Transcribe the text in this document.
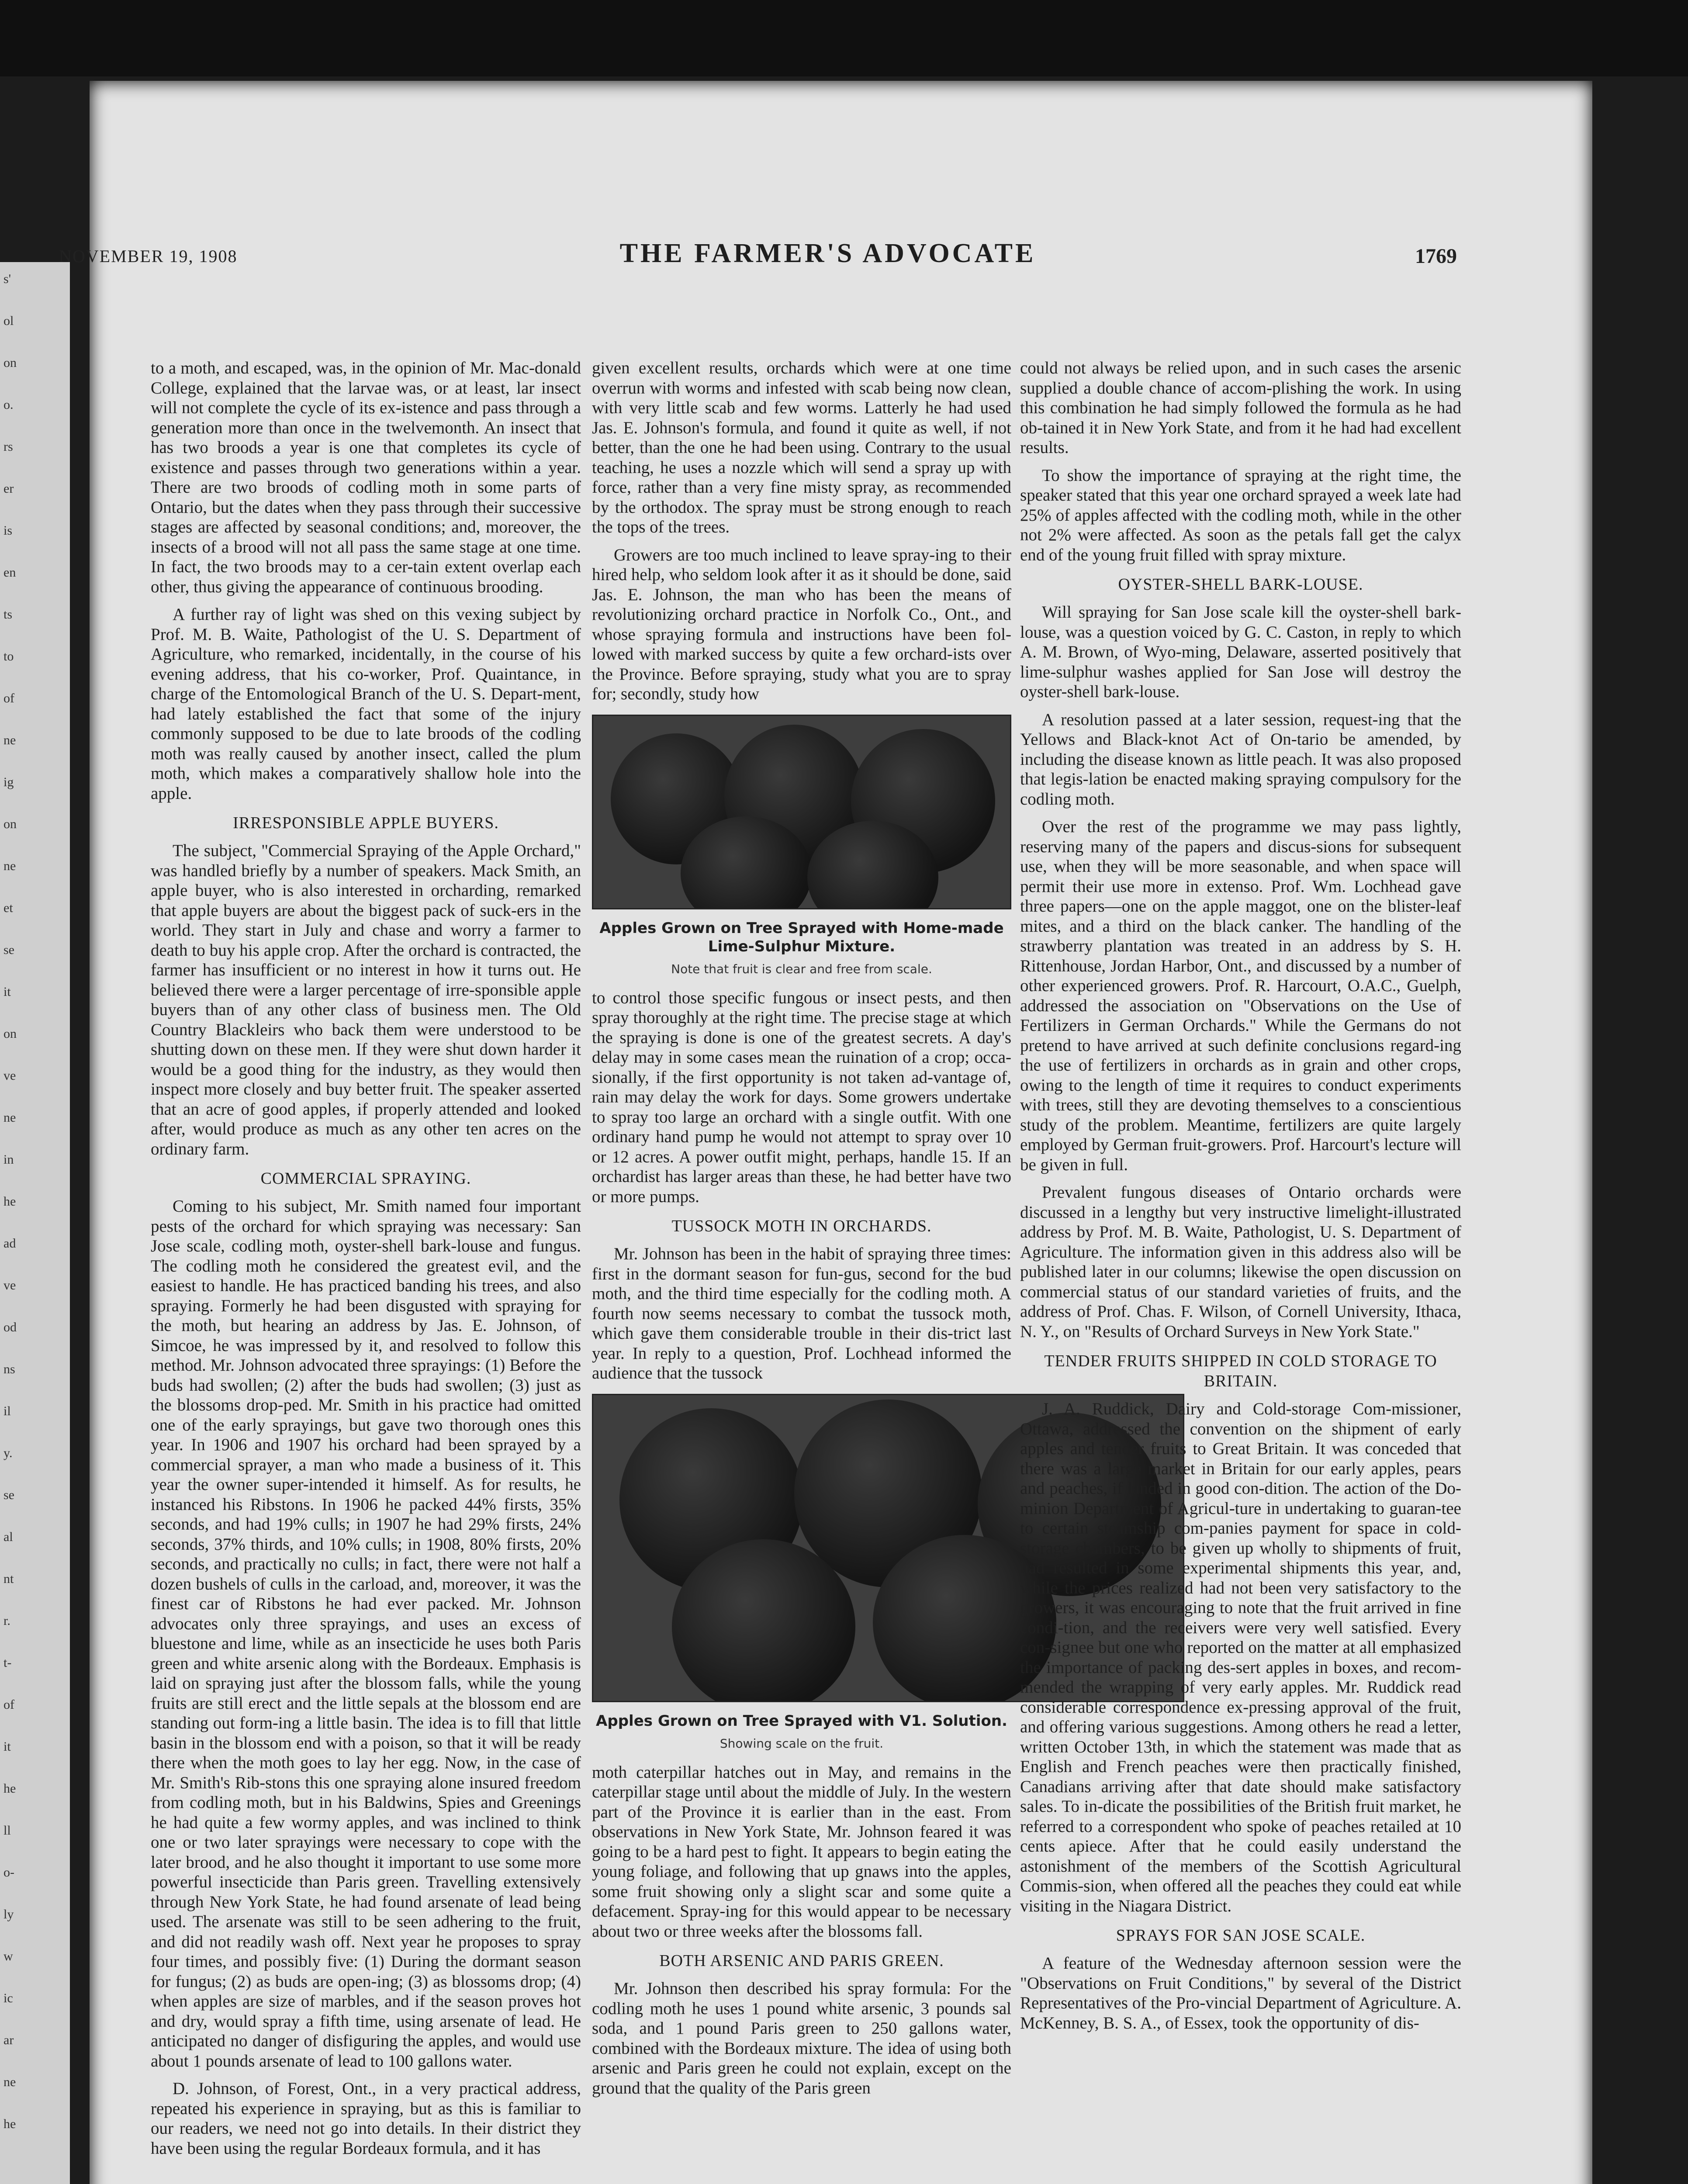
s'
ol
on
o.
rs
er
is
en
ts
to
of
ne
ig
on
ne
et
se
it
on
ve
ne
in
he
ad
ve
od
ns
il
y.
se
al
nt
r.
t-
of
it
he
ll
o-
ly
w
ic
ar
ne
he
NOVEMBER 19, 1908	THE FARMER'S ADVOCATE	1769

to a moth, and escaped, was, in the opinion of Mr. Mac-donald College, explained that the larvae was, or at least, lar insect will not complete the cycle of its ex-istence and pass through a generation more than once in the twelvemonth. An insect that has two broods a year is one that completes its cycle of existence and passes through two generations within a year. There are two broods of codling moth in some parts of Ontario, but the dates when they pass through their successive stages are affected by seasonal conditions; and, moreover, the insects of a brood will not all pass the same stage at one time. In fact, the two broods may to a cer-tain extent overlap each other, thus giving the appearance of continuous brooding.

A further ray of light was shed on this vexing subject by Prof. M. B. Waite, Pathologist of the U. S. Department of Agriculture, who remarked, incidentally, in the course of his evening address, that his co-worker, Prof. Quaintance, in charge of the Entomological Branch of the U. S. Depart-ment, had lately established the fact that some of the injury commonly supposed to be due to late broods of the codling moth was really caused by another insect, called the plum moth, which makes a comparatively shallow hole into the apple.

IRRESPONSIBLE APPLE BUYERS.

The subject, "Commercial Spraying of the Apple Orchard," was handled briefly by a number of speakers. Mack Smith, an apple buyer, who is also interested in orcharding, remarked that apple buyers are about the biggest pack of suck-ers in the world. They start in July and chase and worry a farmer to death to buy his apple crop. After the orchard is contracted, the farmer has insufficient or no interest in how it turns out. He believed there were a larger percentage of irre-sponsible apple buyers than of any other class of business men. The Old Country Blackleirs who back them were understood to be shutting down on these men. If they were shut down harder it would be a good thing for the industry, as they would then inspect more closely and buy better fruit. The speaker asserted that an acre of good apples, if properly attended and looked after, would produce as much as any other ten acres on the ordinary farm.

COMMERCIAL SPRAYING.

Coming to his subject, Mr. Smith named four important pests of the orchard for which spraying was necessary: San Jose scale, codling moth, oyster-shell bark-louse and fungus. The codling moth he considered the greatest evil, and the easiest to handle. He has practiced banding his trees, and also spraying. Formerly he had been disgusted with spraying for the moth, but hearing an address by Jas. E. Johnson, of Simcoe, he was impressed by it, and resolved to follow this method. Mr. Johnson advocated three sprayings: (1) Before the buds had swollen; (2) after the buds had swollen; (3) just as the blossoms drop-ped. Mr. Smith in his practice had omitted one of the early sprayings, but gave two thorough ones this year. In 1906 and 1907 his orchard had been sprayed by a commercial sprayer, a man who made a business of it. This year the owner super-intended it himself. As for results, he instanced his Ribstons. In 1906 he packed 44% firsts, 35% seconds, and had 19% culls; in 1907 he had 29% firsts, 24% seconds, 37% thirds, and 10% culls; in 1908, 80% firsts, 20% seconds, and practically no culls; in fact, there were not half a dozen bushels of culls in the carload, and, moreover, it was the finest car of Ribstons he had ever packed. Mr. Johnson advocates only three sprayings, and uses an excess of bluestone and lime, while as an insecticide he uses both Paris green and white arsenic along with the Bordeaux. Emphasis is laid on spraying just after the blossom falls, while the young fruits are still erect and the little sepals at the blossom end are standing out form-ing a little basin. The idea is to fill that little basin in the blossom end with a poison, so that it will be ready there when the moth goes to lay her egg. Now, in the case of Mr. Smith's Rib-stons this one spraying alone insured freedom from codling moth, but in his Baldwins, Spies and Greenings he had quite a few wormy apples, and was inclined to think one or two later sprayings were necessary to cope with the later brood, and he also thought it important to use some more powerful insecticide than Paris green. Travelling extensively through New York State, he had found arsenate of lead being used. The arsenate was still to be seen adhering to the fruit, and did not readily wash off. Next year he proposes to spray four times, and possibly five: (1) During the dormant season for fungus; (2) as buds are open-ing; (3) as blossoms drop; (4) when apples are size of marbles, and if the season proves hot and dry, would spray a fifth time, using arsenate of lead. He anticipated no danger of disfiguring the apples, and would use about 1 pounds arsenate of lead to 100 gallons water.

D. Johnson, of Forest, Ont., in a very practical address, repeated his experience in spraying, but as this is familiar to our readers, we need not go into details. In their district they have been using the regular Bordeaux formula, and it has

given excellent results, orchards which were at one time overrun with worms and infested with scab being now clean, with very little scab and few worms. Latterly he had used Jas. E. Johnson's formula, and found it quite as well, if not better, than the one he had been using. Contrary to the usual teaching, he uses a nozzle which will send a spray up with force, rather than a very fine misty spray, as recommended by the orthodox. The spray must be strong enough to reach the tops of the trees.

Growers are too much inclined to leave spray-ing to their hired help, who seldom look after it as it should be done, said Jas. E. Johnson, the man who has been the means of revolutionizing orchard practice in Norfolk Co., Ont., and whose spraying formula and instructions have been fol-lowed with marked success by quite a few orchard-ists over the Province. Before spraying, study what you are to spray for; secondly, study how

Apples Grown on Tree Sprayed with Home-made Lime-Sulphur Mixture.
Note that fruit is clear and free from scale.

to control those specific fungous or insect pests, and then spray thoroughly at the right time. The precise stage at which the spraying is done is one of the greatest secrets. A day's delay may in some cases mean the ruination of a crop; occa-sionally, if the first opportunity is not taken ad-vantage of, rain may delay the work for days. Some growers undertake to spray too large an orchard with a single outfit. With one ordinary hand pump he would not attempt to spray over 10 or 12 acres. A power outfit might, perhaps, handle 15. If an orchardist has larger areas than these, he had better have two or more pumps.

TUSSOCK MOTH IN ORCHARDS.

Mr. Johnson has been in the habit of spraying three times: first in the dormant season for fun-gus, second for the bud moth, and the third time especially for the codling moth. A fourth now seems necessary to combat the tussock moth, which gave them considerable trouble in their dis-trict last year. In reply to a question, Prof. Lochhead informed the audience that the tussock

Apples Grown on Tree Sprayed with V1. Solution.
Showing scale on the fruit.

moth caterpillar hatches out in May, and remains in the caterpillar stage until about the middle of July. In the western part of the Province it is earlier than in the east. From observations in New York State, Mr. Johnson feared it was going to be a hard pest to fight. It appears to begin eating the young foliage, and following that up gnaws into the apples, some fruit showing only a slight scar and some quite a defacement. Spray-ing for this would appear to be necessary about two or three weeks after the blossoms fall.

BOTH ARSENIC AND PARIS GREEN.

Mr. Johnson then described his spray formula: For the codling moth he uses 1 pound white arsenic, 3 pounds sal soda, and 1 pound Paris green to 250 gallons water, combined with the Bordeaux mixture. The idea of using both arsenic and Paris green he could not explain, except on the ground that the quality of the Paris green

could not always be relied upon, and in such cases the arsenic supplied a double chance of accom-plishing the work. In using this combination he had simply followed the formula as he had ob-tained it in New York State, and from it he had had excellent results.

To show the importance of spraying at the right time, the speaker stated that this year one orchard sprayed a week late had 25% of apples affected with the codling moth, while in the other not 2% were affected. As soon as the petals fall get the calyx end of the young fruit filled with spray mixture.

OYSTER-SHELL BARK-LOUSE.

Will spraying for San Jose scale kill the oyster-shell bark-louse, was a question voiced by G. C. Caston, in reply to which A. M. Brown, of Wyo-ming, Delaware, asserted positively that lime-sulphur washes applied for San Jose will destroy the oyster-shell bark-louse.

A resolution passed at a later session, request-ing that the Yellows and Black-knot Act of On-tario be amended, by including the disease known as little peach. It was also proposed that legis-lation be enacted making spraying compulsory for the codling moth.

Over the rest of the programme we may pass lightly, reserving many of the papers and discus-sions for subsequent use, when they will be more seasonable, and when space will permit their use more in extenso. Prof. Wm. Lochhead gave three papers—one on the apple maggot, one on the blister-leaf mites, and a third on the black canker. The handling of the strawberry plantation was treated in an address by S. H. Rittenhouse, Jordan Harbor, Ont., and discussed by a number of other experienced growers. Prof. R. Harcourt, O.A.C., Guelph, addressed the association on "Observations on the Use of Fertilizers in German Orchards." While the Germans do not pretend to have arrived at such definite conclusions regard-ing the use of fertilizers in orchards as in grain and other crops, owing to the length of time it requires to conduct experiments with trees, still they are devoting themselves to a conscientious study of the problem. Meantime, fertilizers are quite largely employed by German fruit-growers. Prof. Harcourt's lecture will be given in full.

Prevalent fungous diseases of Ontario orchards were discussed in a lengthy but very instructive limelight-illustrated address by Prof. M. B. Waite, Pathologist, U. S. Department of Agriculture. The information given in this address also will be published later in our columns; likewise the open discussion on commercial status of our standard varieties of fruits, and the address of Prof. Chas. F. Wilson, of Cornell University, Ithaca, N. Y., on "Results of Orchard Surveys in New York State."

TENDER FRUITS SHIPPED IN COLD STORAGE TO BRITAIN.

J. A. Ruddick, Dairy and Cold-storage Com-missioner, Ottawa, addressed the convention on the shipment of early apples and tender fruits to Great Britain. It was conceded that there was a large market in Britain for our early apples, pears and peaches, if landed in good con-dition. The action of the Do-minion Department of Agricul-ture in undertaking to guaran-tee to certain steamship com-panies payment for space in cold-storage chambers, to be given up wholly to shipments of fruit, had resulted in some experimental shipments this year, and, while the prices realized had not been very satisfactory to the growers, it was encouraging to note that the fruit arrived in fine condi-tion, and the receivers were very well satisfied. Every con-signee but one who reported on the matter at all emphasized the importance of packing des-sert apples in boxes, and recom-mended the wrapping of very early apples. Mr. Ruddick read considerable correspondence ex-pressing approval of the fruit, and offering various suggestions. Among others he read a letter, written October 13th, in which the statement was made that as English and French peaches were then practically finished, Canadians arriving after that date should make satisfactory sales. To in-dicate the possibilities of the British fruit market, he referred to a correspondent who spoke of peaches retailed at 10 cents apiece. After that he could easily understand the astonishment of the members of the Scottish Agricultural Commis-sion, when offered all the peaches they could eat while visiting in the Niagara District.

SPRAYS FOR SAN JOSE SCALE.

A feature of the Wednesday afternoon session were the "Observations on Fruit Conditions," by several of the District Representatives of the Pro-vincial Department of Agriculture. A. McKenney, B. S. A., of Essex, took the opportunity of dis-
